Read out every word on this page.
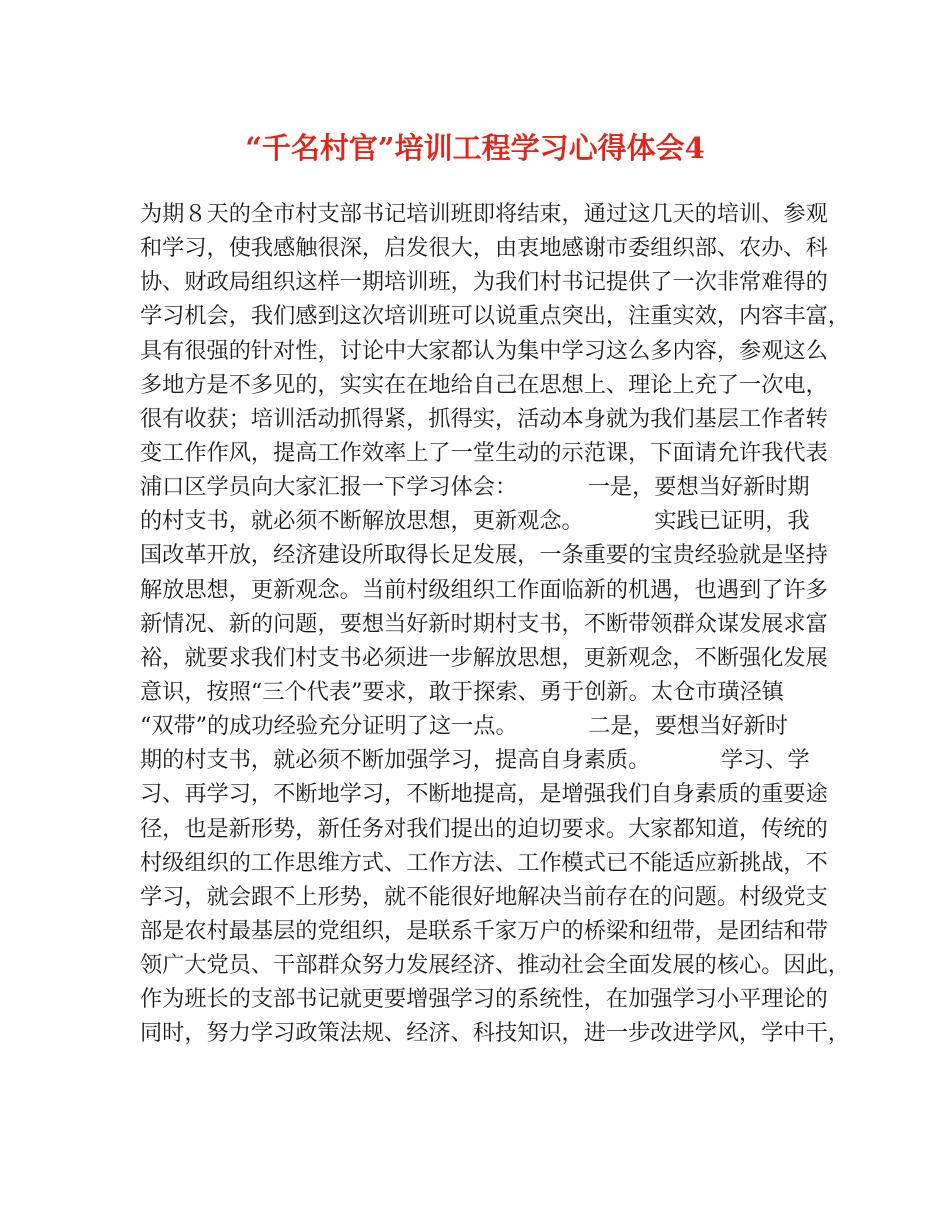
“千名村官”培训工程学习心得体会4

为期８天的全市村支部书记培训班即将结束，通过这几天的培训、参观

和学习，使我感触很深，启发很大，由衷地感谢市委组织部、农办、科

协、财政局组织这样一期培训班，为我们村书记提供了一次非常难得的

学习机会，我们感到这次培训班可以说重点突出，注重实效，内容丰富，

具有很强的针对性，讨论中大家都认为集中学习这么多内容，参观这么

多地方是不多见的，实实在在地给自己在思想上、理论上充了一次电，

很有收获；培训活动抓得紧，抓得实，活动本身就为我们基层工作者转

变工作作风，提高工作效率上了一堂生动的示范课，下面请允许我代表

浦口区学员向大家汇报一下学习体会：          一是，要想当好新时期

的村支书，就必须不断解放思想，更新观念。          实践已证明，我

国改革开放，经济建设所取得长足发展，一条重要的宝贵经验就是坚持

解放思想，更新观念。当前村级组织工作面临新的机遇，也遇到了许多

新情况、新的问题，要想当好新时期村支书，不断带领群众谋发展求富

裕，就要求我们村支书必须进一步解放思想，更新观念，不断强化发展

意识，按照“三个代表”要求，敢于探索、勇于创新。太仓市璜泾镇

“双带”的成功经验充分证明了这一点。          二是，要想当好新时

期的村支书，就必须不断加强学习，提高自身素质。          学习、学

习、再学习，不断地学习，不断地提高，是增强我们自身素质的重要途

径，也是新形势，新任务对我们提出的迫切要求。大家都知道，传统的

村级组织的工作思维方式、工作方法、工作模式已不能适应新挑战，不

学习，就会跟不上形势，就不能很好地解决当前存在的问题。村级党支

部是农村最基层的党组织，是联系千家万户的桥梁和纽带，是团结和带

领广大党员、干部群众努力发展经济、推动社会全面发展的核心。因此，

作为班长的支部书记就更要增强学习的系统性，在加强学习小平理论的

同时，努力学习政策法规、经济、科技知识，进一步改进学风，学中干，
